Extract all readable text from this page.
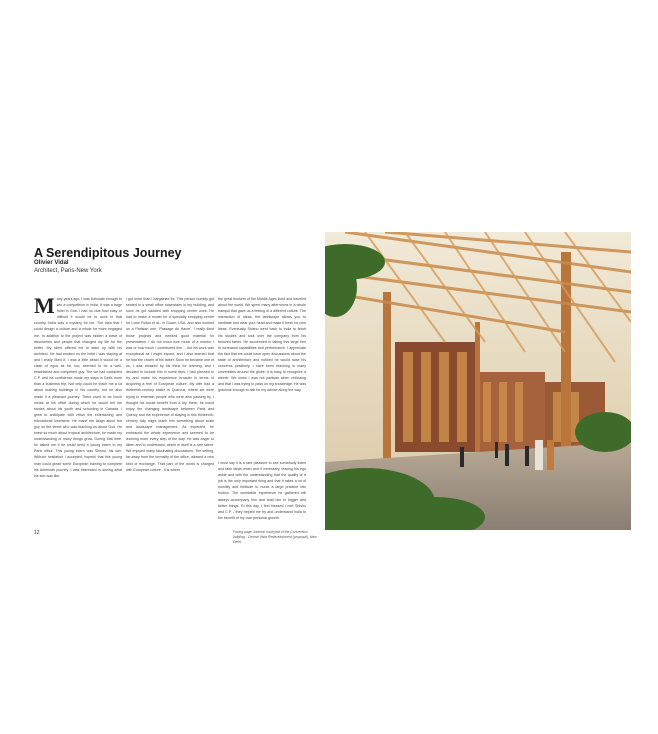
A Serendipitous Journey
Olivier Vidal
Architect, Paris-New York
Many years ago, I was fortunate enough to win a competition in India. It was a large hotel in Goa. I had no clue how easy or difficult it would be to work in that country. India was a mystery for me. The idea that I could design a culture and a whole for more engaged me. In addition to the project was hidden a wave of discoveries and people that changed my life for the better. My client offered me to team up with his architect. He had worked on the hotel I was staying at and I really liked it. I was a little afraid it would be a clash of egos as he, too, seemed to be a well-established and competent guy. The we had contacted C.P. and his confidence made my stays in Delhi more than a business trip. Not only could he teach me a lot about making buildings in his country, but he also made it a pleasant journey. There used to be lunch meals at his office during which he would tell me stories about his youth and schooling in Canada. I grew to anticipate with relish the entertaining and educational lunchtime. He made me laugh about the guy on the street who was teaching us about God. He knew so much about tropical architecture, he made my understanding of many things grow. During that time, he asked me if he could send a young intern to my Paris office. This young intern was Shishu, his son. Without hesitation I accepted, hopeful that this young man could glean some European training to complete his American journey. I was interested in seeing what his son was like.
I got more than I bargained for. This person humbly got seated in a small office downstairs in my building, and soon he got saddled with shopping centre work. He had to make a model for a specialty shopping centre for Lowe Fulton et al., in Guam, USA, and also worked on a Parisian one, 'Passage du Havre'. I really liked those projects and needed good material for presentation. I do not know how much of a mentor I was or how much I contributed him ... but his work was exceptional as I might expect, and I also learned that he had the charm of his father. Soon he became one of us. I was amazed by his thirst for learning, and I decided to include him in some trips. I had planned to try and make his experience broader in terms of acquiring a feel of European culture. My wife had a thirteenth-century castle in Quercus, where we were trying to entertain people who were also passing by. I thought his would benefit from a trip there; he could enjoy the changing landscape between Paris and Quercy and the experience of staying in this thirteenth-century folly might teach him something about scale and landscape management. As expected, he embraced the whole experience and seemed to be learning more every step of the way. He was eager to listen and to understand, which in itself is a rare talent. We enjoyed many fascinating discussions. The setting, far away from the formality of the office, allowed a new kind of exchange. That part of the world is charged with European culture - it is where
the great thinkers of the Middle Ages lived and traveled about the world. We spent many afternoons in a whole tranquil that gave us a feeling of a different culture. The interaction of ideas, the landscape allows you to meditate and clear your head and make it fresh for new ideas. Eventually Shishu went back to India to finish his studies and took over the company from his beloved father. He succeeded in taking this large firm to increased capabilities and performance. I appreciate the fact that we could have open discussions about the state of architecture and noticed he would raise his concerns positively. I have been teaching in many universities around the globe; it is easy to recognize a winner. We knew I was not partisan when criticizing and that I was trying to pass on my knowledge. He was gracious enough to ask for my advice along the way.
12	Facing page: Internal courtyard of the Convention building - Central Vista Redevelopment (proposal), New Delhi.
I must say it is a rare pleasure to see somebody listen and take ideas when and if necessary, leaving his ego aside and with the understanding that the quality of a job is the only important thing and that it takes a lot of humility and fortitude to nurse a large practice into fruition. The worldwide experience he gathered will always accompany him and lead him to bigger and better things. To this day, I feel blessed I met Shishu and C.P. - they helped me try and understand India to the benefit of my own personal growth.
